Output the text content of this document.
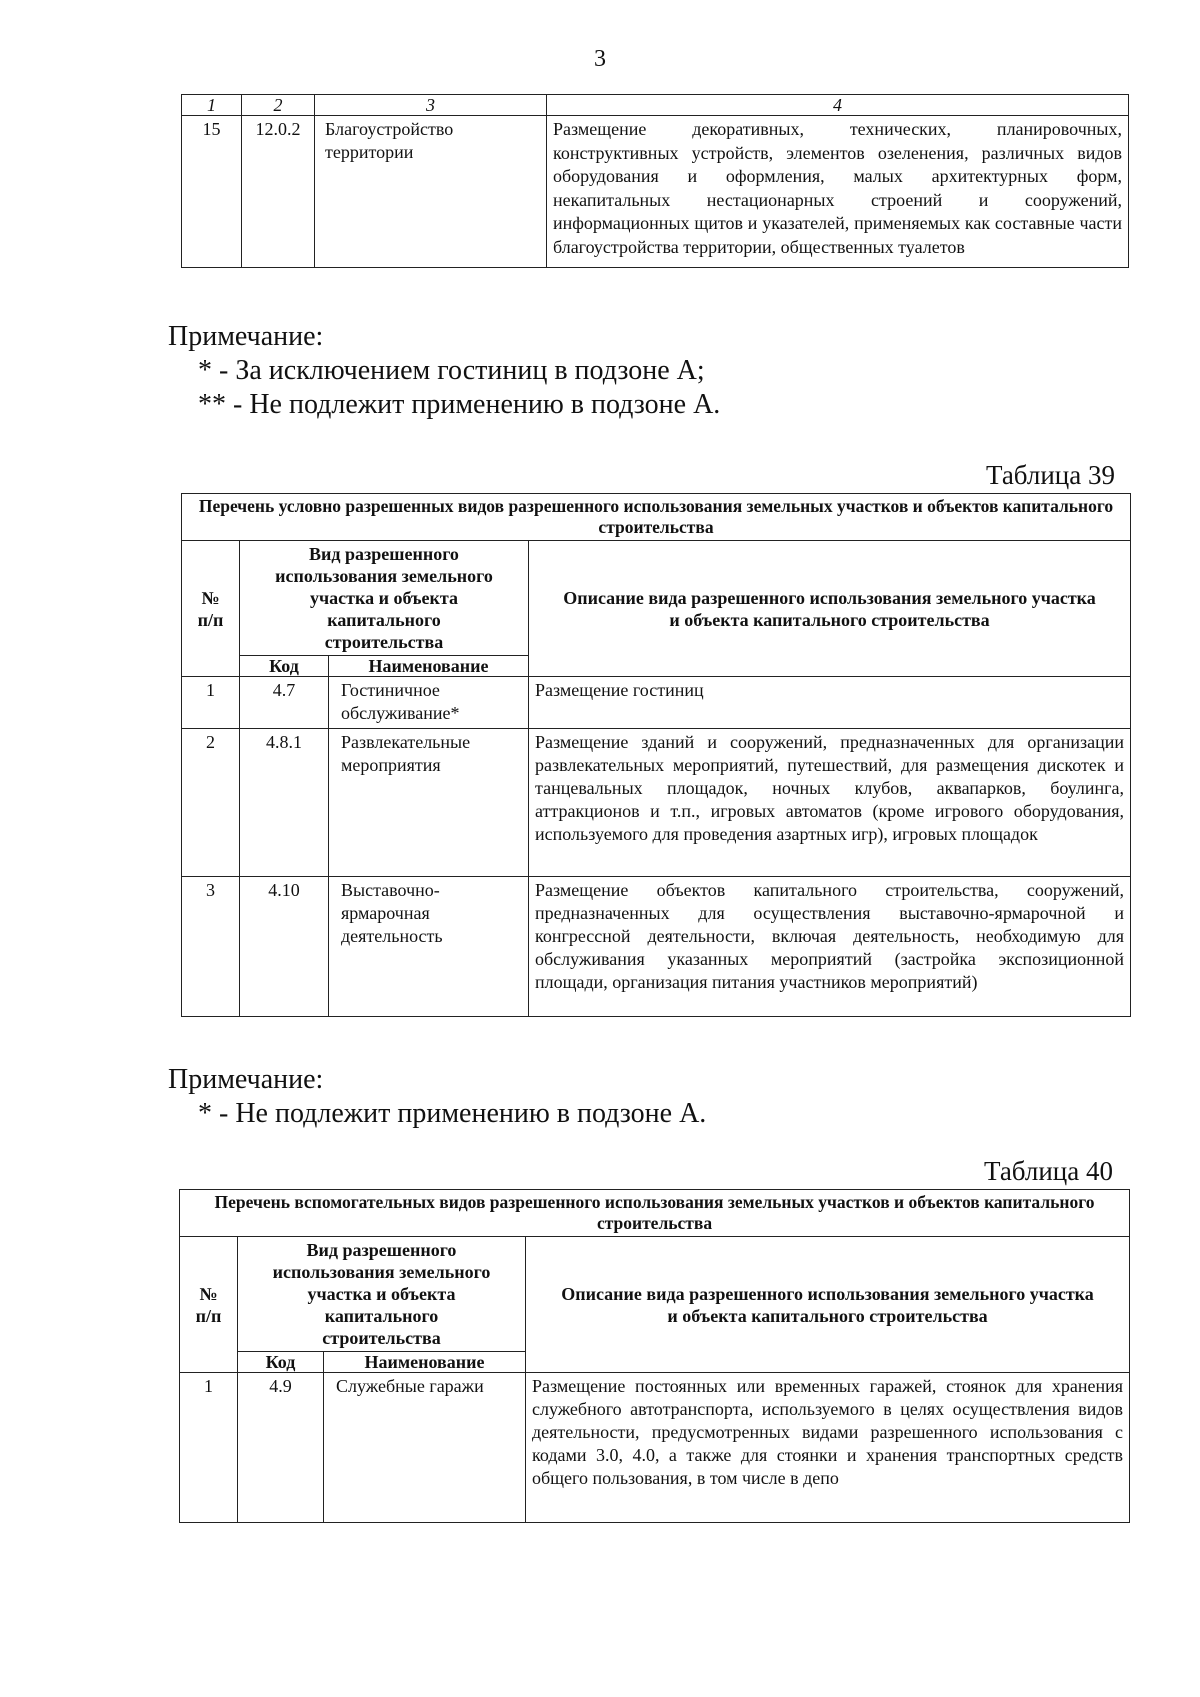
3
1	2	3	4
15	12.0.2	Благоустройство территории	Размещение декоративных, технических, планировочных, конструктивных устройств, элементов озеленения, различных видов оборудования и оформления, малых архитектурных форм, некапитальных нестационарных строений и сооружений, информационных щитов и указателей, применяемых как составные части благоустройства территории, общественных туалетов
Примечание:
* - За исключением гостиниц в подзоне А;
** - Не подлежит применению в подзоне А.
Таблица 39
Перечень условно разрешенных видов разрешенного использования земельных участков и объектов капитального строительства			
№ п/п	Вид разрешенного использования земельного участка и объекта капитального строительства		Описание вида разрешенного использования земельного участка и объекта капитального строительства
	Код	Наименование	
1	4.7	Гостиничное обслуживание*	Размещение гостиниц
2	4.8.1	Развлекательные мероприятия	Размещение зданий и сооружений, предназначенных для организации развлекательных мероприятий, путешествий, для размещения дискотек и танцевальных площадок, ночных клубов, аквапарков, боулинга, аттракционов и т.п., игровых автоматов (кроме игрового оборудования, используемого для проведения азартных игр), игровых площадок
3	4.10	Выставочно-ярмарочная деятельность	Размещение объектов капитального строительства, сооружений, предназначенных для осуществления выставочно-ярмарочной и конгрессной деятельности, включая деятельность, необходимую для обслуживания указанных мероприятий (застройка экспозиционной площади, организация питания участников мероприятий)
Примечание:
* - Не подлежит применению в подзоне А.
Таблица 40
Перечень вспомогательных видов разрешенного использования земельных участков и объектов капитального строительства			
№ п/п	Вид разрешенного использования земельного участка и объекта капитального строительства		Описание вида разрешенного использования земельного участка и объекта капитального строительства
	Код	Наименование	
1	4.9	Служебные гаражи	Размещение постоянных или временных гаражей, стоянок для хранения служебного автотранспорта, используемого в целях осуществления видов деятельности, предусмотренных видами разрешенного использования с кодами 3.0, 4.0, а также для стоянки и хранения транспортных средств общего пользования, в том числе в депо
